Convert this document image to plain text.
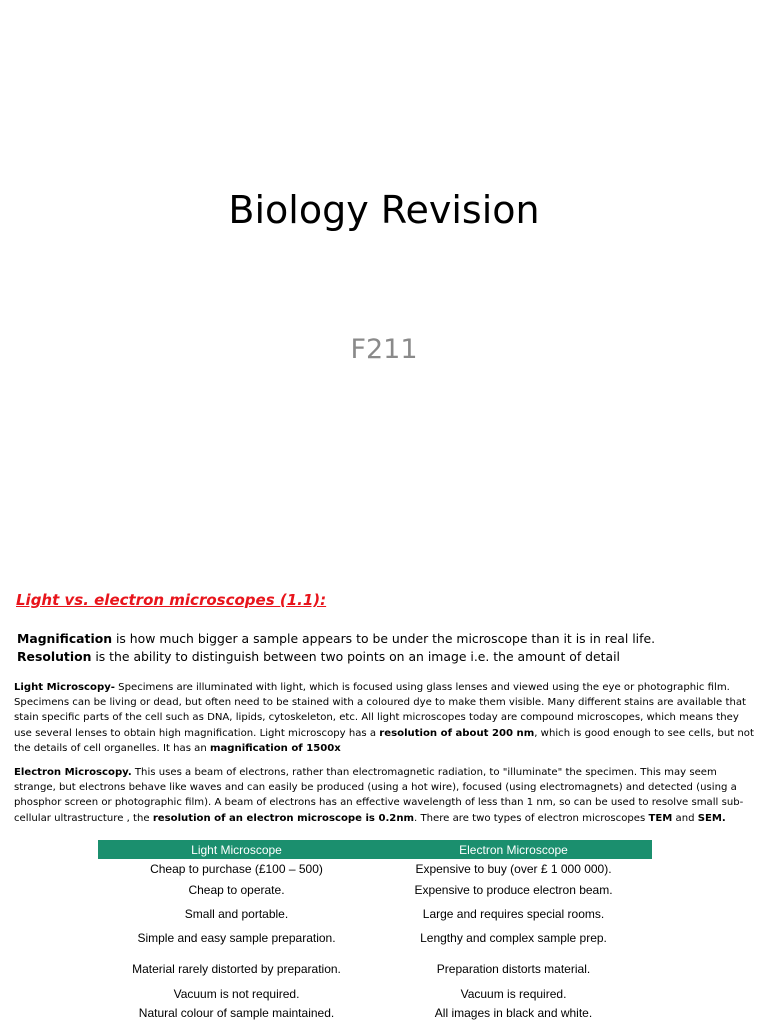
Biology Revision
F211
Light vs. electron microscopes (1.1):
Magnification is how much bigger a sample appears to be under the microscope than it is in real life.
Resolution is the ability to distinguish between two points on an image i.e. the amount of detail

Light Microscopy- Specimens are illuminated with light, which is focused using glass lenses and viewed using the eye or photographic film. Specimens can be living or dead, but often need to be stained with a coloured dye to make them visible. Many different stains are available that stain specific parts of the cell such as DNA, lipids, cytoskeleton, etc. All light microscopes today are compound microscopes, which means they use several lenses to obtain high magnification. Light microscopy has a resolution of about 200 nm, which is good enough to see cells, but not the details of cell organelles. It has an magnification of 1500x

Electron Microscopy. This uses a beam of electrons, rather than electromagnetic radiation, to "illuminate" the specimen. This may seem strange, but electrons behave like waves and can easily be produced (using a hot wire), focused (using electromagnets) and detected (using a phosphor screen or photographic film). A beam of electrons has an effective wavelength of less than 1 nm, so can be used to resolve small sub-cellular ultrastructure , the resolution of an electron microscope is 0.2nm. There are two types of electron microscopes TEM and SEM.

Light Microscope	Electron Microscope
Cheap to purchase (£100 – 500)	Expensive to buy (over £ 1 000 000).
Cheap to operate.	Expensive to produce electron beam.
Small and portable.	Large and requires special rooms.
Simple and easy sample preparation.	Lengthy and complex sample prep.
Material rarely distorted by preparation.	Preparation distorts material.
Vacuum is not required.	Vacuum is required.
Natural colour of sample maintained.	All images in black and white.
